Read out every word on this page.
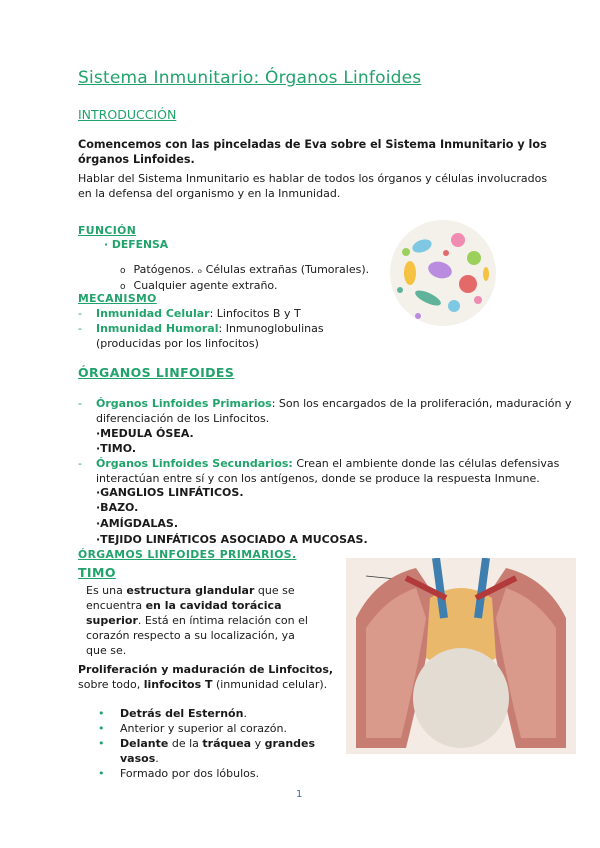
Sistema Inmunitario: Órganos Linfoides
INTRODUCCIÓN
Comencemos con las pinceladas de Eva sobre el Sistema Inmunitario y los órganos Linfoides.
Hablar del Sistema Inmunitario es hablar de todos los órganos y células involucrados en la defensa del organismo y en la Inmunidad.
FUNCIÓN
· DEFENSA
o Patógenos. ₒ Células extrañas (Tumorales).
o Cualquier agente extraño.
MECANISMO
- Inmunidad Celular: Linfocitos B y T
- Inmunidad Humoral: Inmunoglobulinas
(producidas por los linfocitos)
ÓRGANOS LINFOIDES
- Órganos Linfoides Primarios: Son los encargados de la proliferación, maduración y diferenciación de los Linfocitos.
·MEDULA ÓSEA.
·TIMO.
- Órganos Linfoides Secundarios: Crean el ambiente donde las células defensivas interactúan entre sí y con los antígenos, donde se produce la respuesta Inmune.
·GANGLIOS LINFÁTICOS.
·BAZO.
·AMÍGDALAS.
·TEJIDO LINFÁTICOS ASOCIADO A MUCOSAS.
ÓRGAMOS LINFOIDES PRIMARIOS.
TIMO
Es una estructura glandular que se encuentra en la cavidad torácica superior. Está en íntima relación con el corazón respecto a su localización, ya que se.
Proliferación y maduración de Linfocitos,
sobre todo, linfocitos T (inmunidad celular).
• Detrás del Esternón.
• Anterior y superior al corazón.
• Delante de la tráquea y grandes vasos.
• Formado por dos lóbulos.
1
